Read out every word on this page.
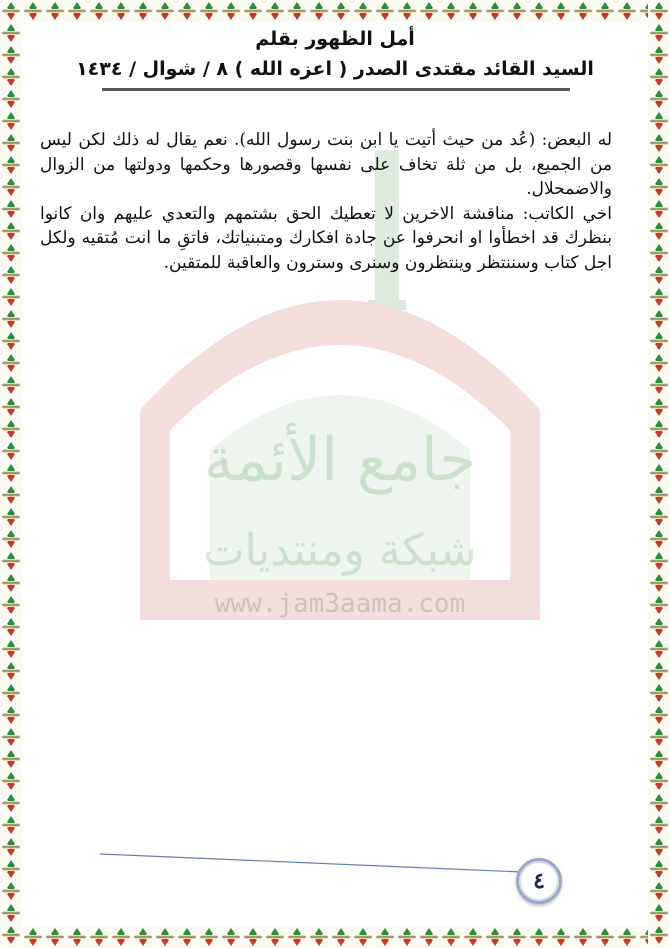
جامع الأئمة
شبكة ومنتديات
www.jam3aama.com

أمل الظهور بقلم

السيد القائد مقتدى الصدر ( اعزه الله ) ٨ / شوال / ١٤٣٤

له البعض: (عُد من حيث أتيت يا ابن بنت رسول الله). نعم يقال له ذلك لكن ليس من الجميع، بل من ثلة تخاف على نفسها وقصورها وحكمها ودولتها من الزوال والاضمحلال.

اخي الكاتب: مناقشة الاخرين لا تعطيك الحق بشتمهم والتعدي عليهم وان كانوا بنظرك قد اخطأوا او انحرفوا عن جادة افكارك ومتبنياتك، فاتقِ ما انت مُتقيه ولكل اجل كتاب وسننتظر وينتظرون وسنرى وسترون والعاقبة للمتقين.

٤
